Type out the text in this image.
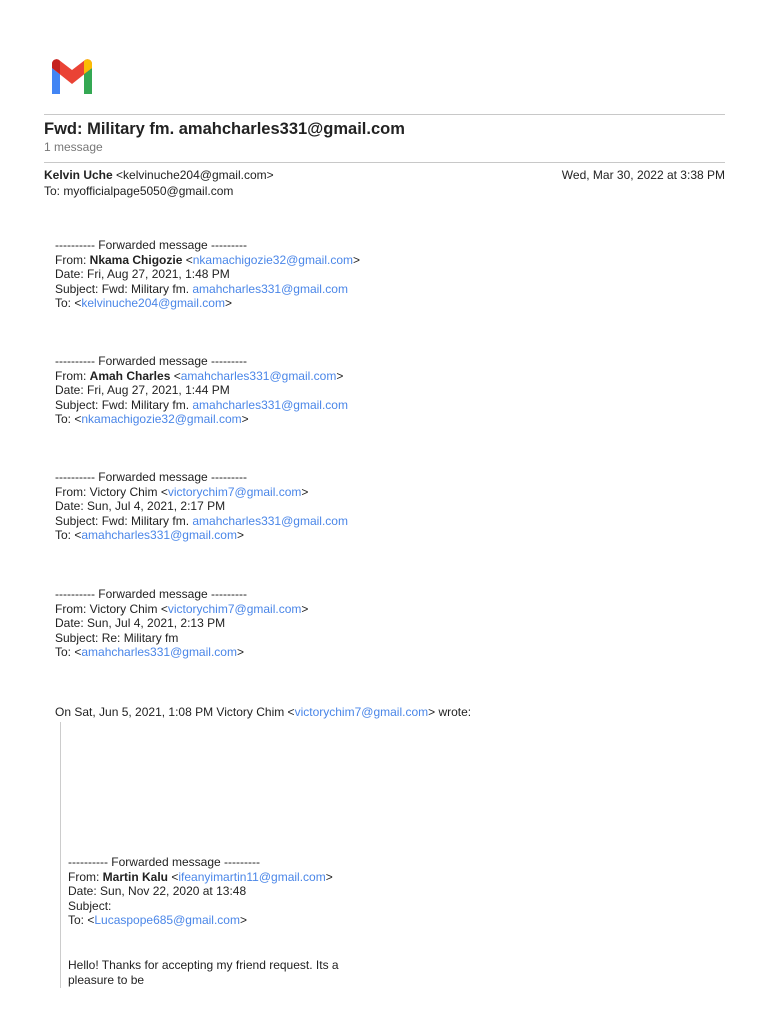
Fwd: Military fm. amahcharles331@gmail.com
1 message
Kelvin Uche <kelvinuche204@gmail.com>
To: myofficialpage5050@gmail.com
Wed, Mar 30, 2022 at 3:38 PM
---------- Forwarded message ---------
From: Nkama Chigozie <nkamachigozie32@gmail.com>
Date: Fri, Aug 27, 2021, 1:48 PM
Subject: Fwd: Military fm. amahcharles331@gmail.com
To: <kelvinuche204@gmail.com>
---------- Forwarded message ---------
From: Amah Charles <amahcharles331@gmail.com>
Date: Fri, Aug 27, 2021, 1:44 PM
Subject: Fwd: Military fm. amahcharles331@gmail.com
To: <nkamachigozie32@gmail.com>
---------- Forwarded message ---------
From: Victory Chim <victorychim7@gmail.com>
Date: Sun, Jul 4, 2021, 2:17 PM
Subject: Fwd: Military fm. amahcharles331@gmail.com
To: <amahcharles331@gmail.com>
---------- Forwarded message ---------
From: Victory Chim <victorychim7@gmail.com>
Date: Sun, Jul 4, 2021, 2:13 PM
Subject: Re: Military fm
To: <amahcharles331@gmail.com>
On Sat, Jun 5, 2021, 1:08 PM Victory Chim <victorychim7@gmail.com> wrote:
---------- Forwarded message ---------
From: Martin Kalu <ifeanyimartin11@gmail.com>
Date: Sun, Nov 22, 2020 at 13:48
Subject:
To: <Lucaspope685@gmail.com>
Hello! Thanks for accepting my friend request. Its a pleasure to be
